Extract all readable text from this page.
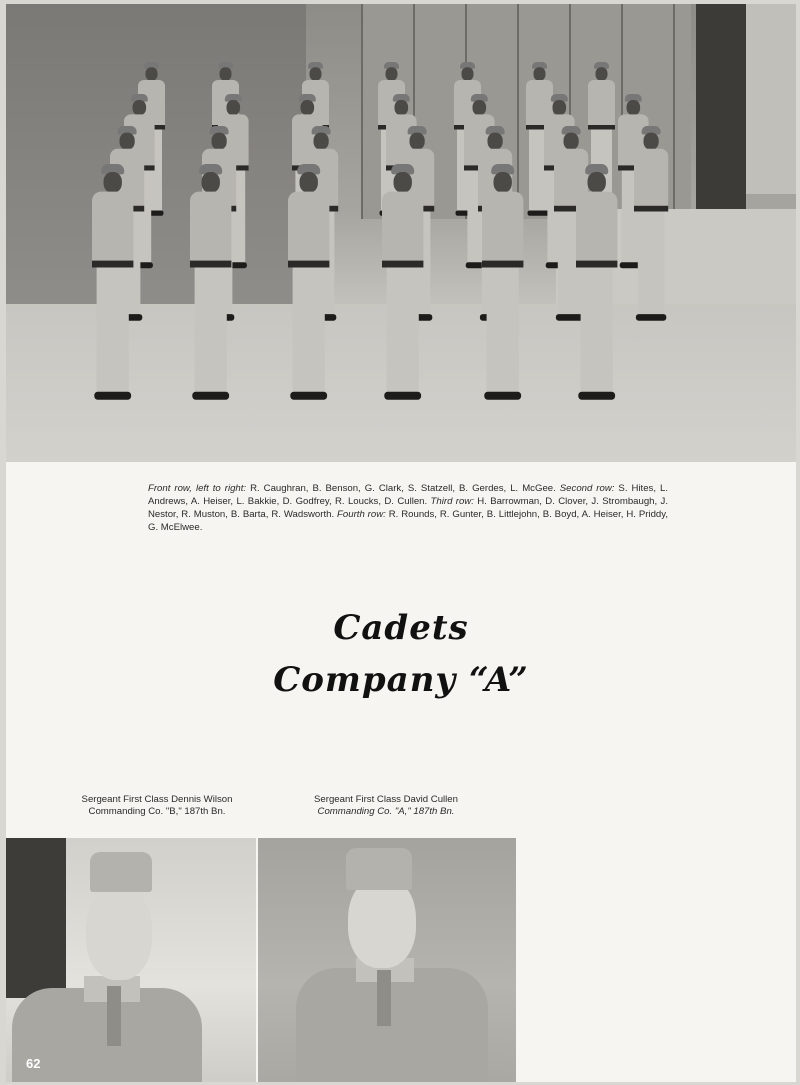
Front row, left to right: R. Caughran, B. Benson, G. Clark, S. Statzell, B. Gerdes, L. McGee. Second row: S. Hites, L. Andrews, A. Heiser, L. Bakkie, D. Godfrey, R. Loucks, D. Cullen. Third row: H. Barrowman, D. Clover, J. Strombaugh, J. Nestor, R. Muston, B. Barta, R. Wadsworth. Fourth row: R. Rounds, R. Gunter, B. Littlejohn, B. Boyd, A. Heiser, H. Priddy, G. McElwee.
Cadets
Company “A”
Sergeant First Class Dennis Wilson
Commanding Co. "B," 187th Bn.
Sergeant First Class David Cullen
Commanding Co. "A," 187th Bn.
62
